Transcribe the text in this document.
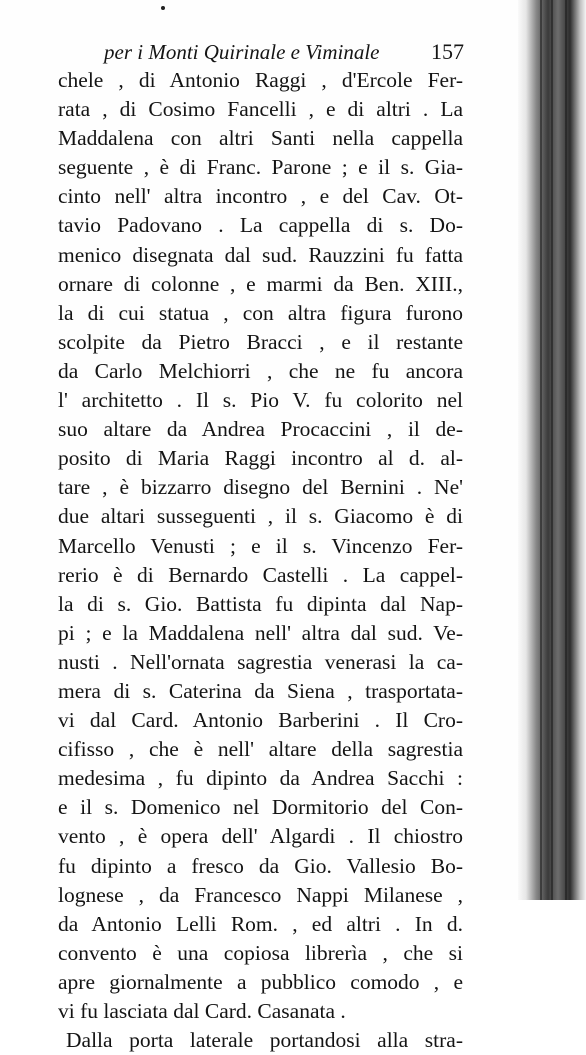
per i Monti Quirinale e Viminale 157
chele , di Antonio Raggi , d'Ercole Fer-
rata , di Cosimo Fancelli , e di altri . La
Maddalena con altri Santi nella cappella
seguente , è di Franc. Parone ; e il s. Gia-
cinto nell' altra incontro , e del Cav. Ot-
tavio Padovano . La cappella di s. Do-
menico disegnata dal sud. Rauzzini fu fatta
ornare di colonne , e marmi da Ben. XIII.,
la di cui statua , con altra figura furono
scolpite da Pietro Bracci , e il restante
da Carlo Melchiorri , che ne fu ancora
l' architetto . Il s. Pio V. fu colorito nel
suo altare da Andrea Procaccini , il de-
posito di Maria Raggi incontro al d. al-
tare , è bizzarro disegno del Bernini . Ne'
due altari susseguenti , il s. Giacomo è di
Marcello Venusti ; e il s. Vincenzo Fer-
rerio è di Bernardo Castelli . La cappel-
la di s. Gio. Battista fu dipinta dal Nap-
pi ; e la Maddalena nell' altra dal sud. Ve-
nusti . Nell'ornata sagrestia venerasi la ca-
mera di s. Caterina da Siena , trasportata-
vi dal Card. Antonio Barberini . Il Cro-
cifisso , che è nell' altare della sagrestia
medesima , fu dipinto da Andrea Sacchi :
e il s. Domenico nel Dormitorio del Con-
vento , è opera dell' Algardi . Il chiostro
fu dipinto a fresco da Gio. Vallesio Bo-
lognese , da Francesco Nappi Milanese ,
da Antonio Lelli Rom. , ed altri . In d.
convento è una copiosa librerìa , che si
apre giornalmente a pubblico comodo , e
vi fu lasciata dal Card. Casanata .
Dalla porta laterale portandosi alla stra-
